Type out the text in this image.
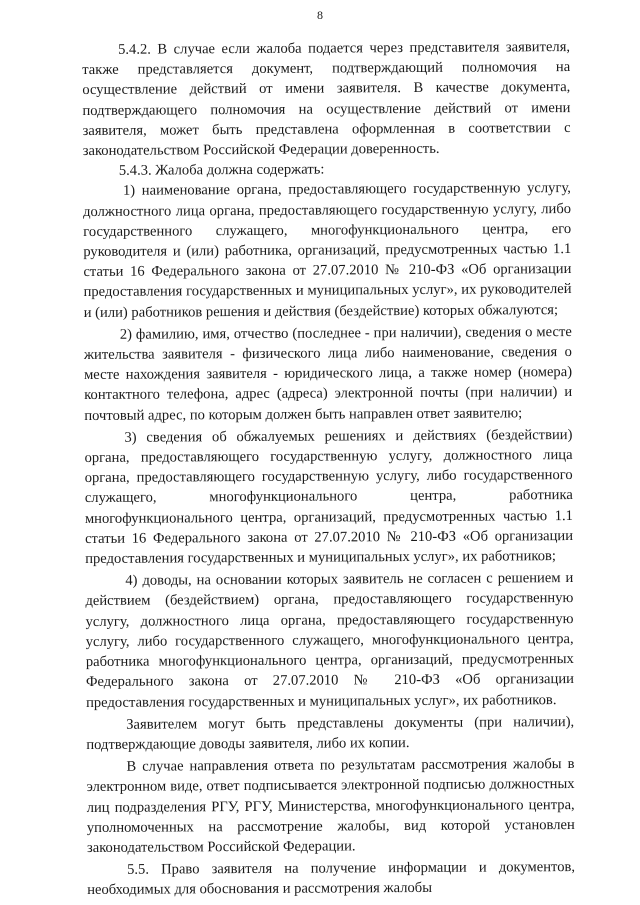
8

5.4.2. В случае если жалоба подается через представителя заявителя, также представляется документ, подтверждающий полномочия на осуществление действий от имени заявителя. В качестве документа, подтверждающего полномочия на осуществление действий от имени заявителя, может быть представлена оформленная в соответствии с законодательством Российской Федерации доверенность.

5.4.3. Жалоба должна содержать:

1) наименование органа, предоставляющего государственную услугу, должностного лица органа, предоставляющего государственную услугу, либо государственного служащего, многофункционального центра, его руководителя и (или) работника, организаций, предусмотренных частью 1.1 статьи 16 Федерального закона от 27.07.2010 № 210-ФЗ «Об организации предоставления государственных и муниципальных услуг», их руководителей и (или) работников решения и действия (бездействие) которых обжалуются;

2) фамилию, имя, отчество (последнее - при наличии), сведения о месте жительства заявителя - физического лица либо наименование, сведения о месте нахождения заявителя - юридического лица, а также номер (номера) контактного телефона, адрес (адреса) электронной почты (при наличии) и почтовый адрес, по которым должен быть направлен ответ заявителю;

3) сведения об обжалуемых решениях и действиях (бездействии) органа, предоставляющего государственную услугу, должностного лица органа, предоставляющего государственную услугу, либо государственного служащего, многофункционального центра, работника многофункционального центра, организаций, предусмотренных частью 1.1 статьи 16 Федерального закона от 27.07.2010 № 210-ФЗ «Об организации предоставления государственных и муниципальных услуг», их работников;

4) доводы, на основании которых заявитель не согласен с решением и действием (бездействием) органа, предоставляющего государственную услугу, должностного лица органа, предоставляющего государственную услугу, либо государственного служащего, многофункционального центра, работника многофункционального центра, организаций, предусмотренных Федерального закона от 27.07.2010 № 210-ФЗ «Об организации предоставления государственных и муниципальных услуг», их работников.

Заявителем могут быть представлены документы (при наличии), подтверждающие доводы заявителя, либо их копии.

В случае направления ответа по результатам рассмотрения жалобы в электронном виде, ответ подписывается электронной подписью должностных лиц подразделения РГУ, РГУ, Министерства, многофункционального центра, уполномоченных на рассмотрение жалобы, вид которой установлен законодательством Российской Федерации.

5.5. Право заявителя на получение информации и документов, необходимых для обоснования и рассмотрения жалобы
